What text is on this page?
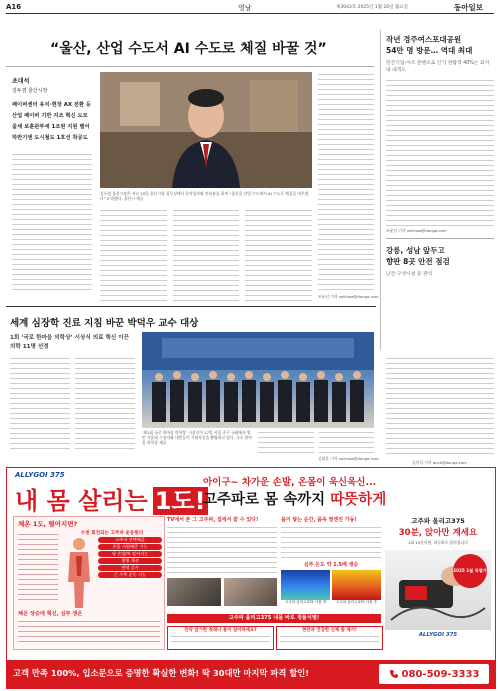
A16	영남	제3043호 2025년 1월 20일 월요일	동아일보
“울산, 산업 수도서 AI 수도로 체질 바꿀 것”
초대석
김두겸 울산시장
페이퍼센터 유치·현장 AX 전환 등
산업 페이퍼 기반 지조 혁신 도모
울세 보훈관부세 1조원 지원 별어
하반기엔 도시철도 1호선 착공도
김두겸 울산시장은 지난 10일 울산시청 집무실에서 동아일보와 인터뷰를 하며 “울산을 산업 수도에서 AI 수도로 체질을 바꾸겠다”고 말했다. 울산시 제공
조윤선 기자 vellinaa@donga.com
작년 경주여스포대공원
54만 명 방문… 역대 최대
민간기업·아조 콘텐츠로 인기 관람객 40%는 외지 내 내객도
조윤선 기자 vellinaa@donga.com
강릉, 성남 앞두고
향판 8곳 안전 점검
난간·구생시설 등 관리
김덕성 기자 duck@donga.com
세계 심장학 진료 지침 바꾼 박덕우 교수 대상
1회 ‘국로 한마음 의학상’ 시상식 의료 혁신 이끈 의학 11명 선정
‘제1회 국로 한마음 의학상’ 시상식이 17일 서울 중구 국회에서 열린 가운데 수상자와 내빈들이 기념사진을 촬영하고 있다. 국로 한마음 의학상 제공
김태훈 기자 vellinaa@donga.com
ALLYGOI 375
내 몸 살리는 1도!
아이구~ 차가운 손발, 온몸이 욱신욱신...
고주파로 몸 속까지 따뜻하게
체온 1도, 떨어지면?
수천 회전되는 고주파 운동원리
고주파 선택해줌
온몸 시원해준 기능
냉 손발/차 떨어지는
혈행 개선
면역 증가
근 수축 운동 기능
체온 상승에 혁신, 심부 생온
TV에서 본 그 고주파, 집에서 쓸 수 있다!	몸이 닿는 순간, 몸속 열엔진 가동!
심부 온도 약 1.5배 생승
고주파 올리고375 사용 전	고주파 올리고375 사용 후
고주파 올리고375 내몸 바로 정품식별!
만약 앞기한 첫래나 몸이 얼어하세요?	현관과 건강한 신체 쓸 제거!
고주파 올리고375
30분, 앉아만 계세요
1회 15분이면, 하루하루 달라집니다
2025 1월 특별가
ALLYGOI 375
고객 만족 100%, 입소문으로 증명한 확실한 변화! 딱 30대만 마지막 파격 할인!	080-509-3333
